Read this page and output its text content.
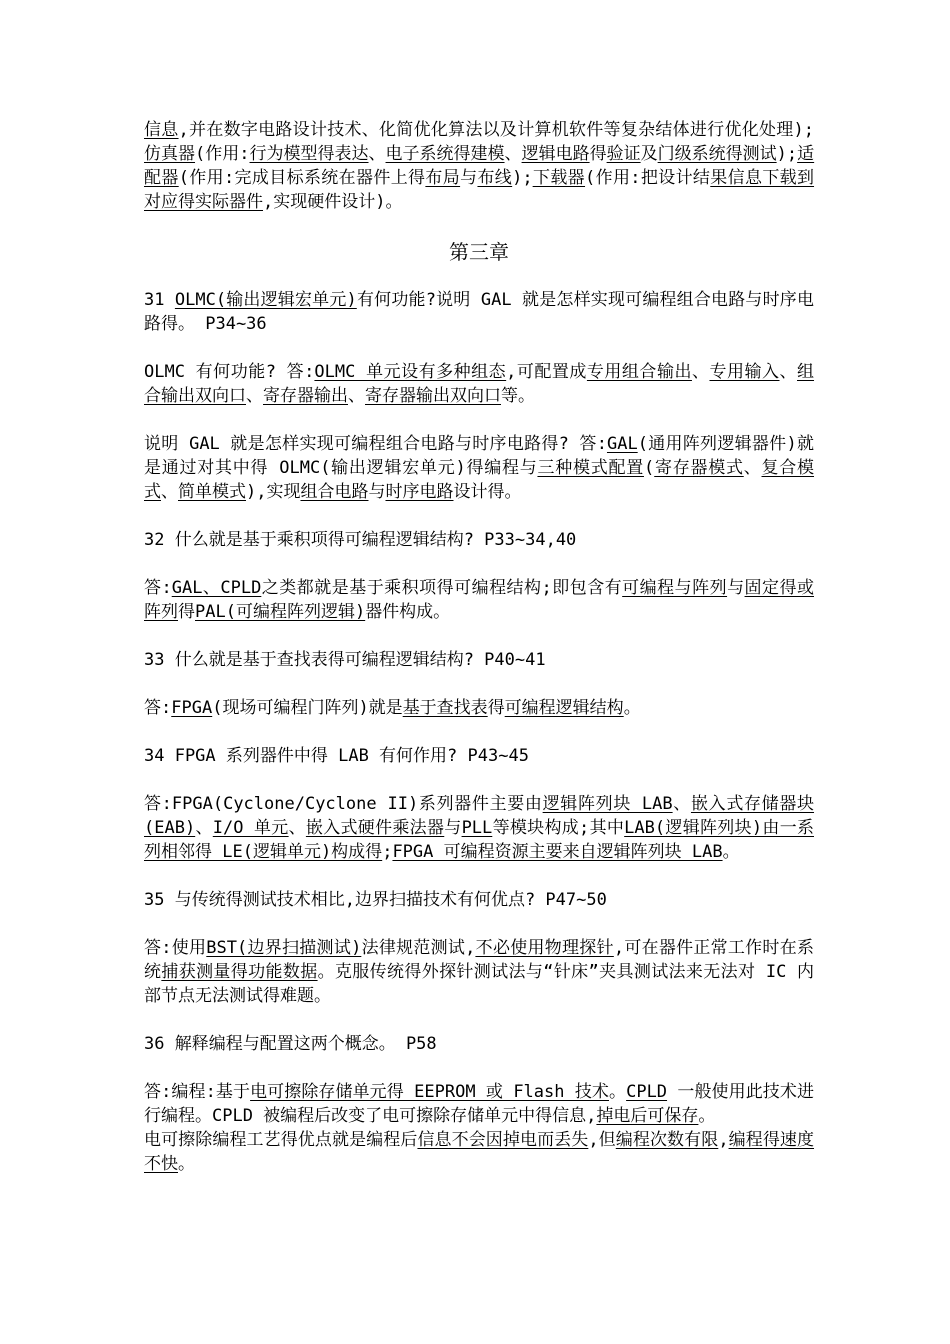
信息,并在数字电路设计技术、化简优化算法以及计算机软件等复杂结体进行优化处理);仿真器(作用:行为模型得表达、电子系统得建模、逻辑电路得验证及门级系统得测试);适配器(作用:完成目标系统在器件上得布局与布线);下载器(作用:把设计结果信息下载到对应得实际器件,实现硬件设计)。

第三章

31 OLMC(输出逻辑宏单元)有何功能?说明 GAL 就是怎样实现可编程组合电路与时序电路得。 P34~36

OLMC 有何功能? 答:OLMC 单元设有多种组态,可配置成专用组合输出、专用输入、组合输出双向口、寄存器输出、寄存器输出双向口等。

说明 GAL 就是怎样实现可编程组合电路与时序电路得? 答:GAL(通用阵列逻辑器件)就是通过对其中得 OLMC(输出逻辑宏单元)得编程与三种模式配置(寄存器模式、复合模式、简单模式),实现组合电路与时序电路设计得。

32 什么就是基于乘积项得可编程逻辑结构? P33~34,40

答:GAL、CPLD之类都就是基于乘积项得可编程结构;即包含有可编程与阵列与固定得或阵列得PAL(可编程阵列逻辑)器件构成。

33 什么就是基于查找表得可编程逻辑结构? P40~41

答:FPGA(现场可编程门阵列)就是基于查找表得可编程逻辑结构。

34 FPGA 系列器件中得 LAB 有何作用? P43~45

答:FPGA(Cyclone/Cyclone II)系列器件主要由逻辑阵列块 LAB、嵌入式存储器块(EAB)、I/O 单元、嵌入式硬件乘法器与PLL等模块构成;其中LAB(逻辑阵列块)由一系列相邻得 LE(逻辑单元)构成得;FPGA 可编程资源主要来自逻辑阵列块 LAB。

35 与传统得测试技术相比,边界扫描技术有何优点? P47~50

答:使用BST(边界扫描测试)法律规范测试,不必使用物理探针,可在器件正常工作时在系统捕获测量得功能数据。克服传统得外探针测试法与“针床”夹具测试法来无法对 IC 内部节点无法测试得难题。

36 解释编程与配置这两个概念。 P58

答:编程:基于电可擦除存储单元得 EEPROM 或 Flash 技术。CPLD 一般使用此技术进行编程。CPLD 被编程后改变了电可擦除存储单元中得信息,掉电后可保存。

电可擦除编程工艺得优点就是编程后信息不会因掉电而丢失,但编程次数有限,编程得速度不快。
